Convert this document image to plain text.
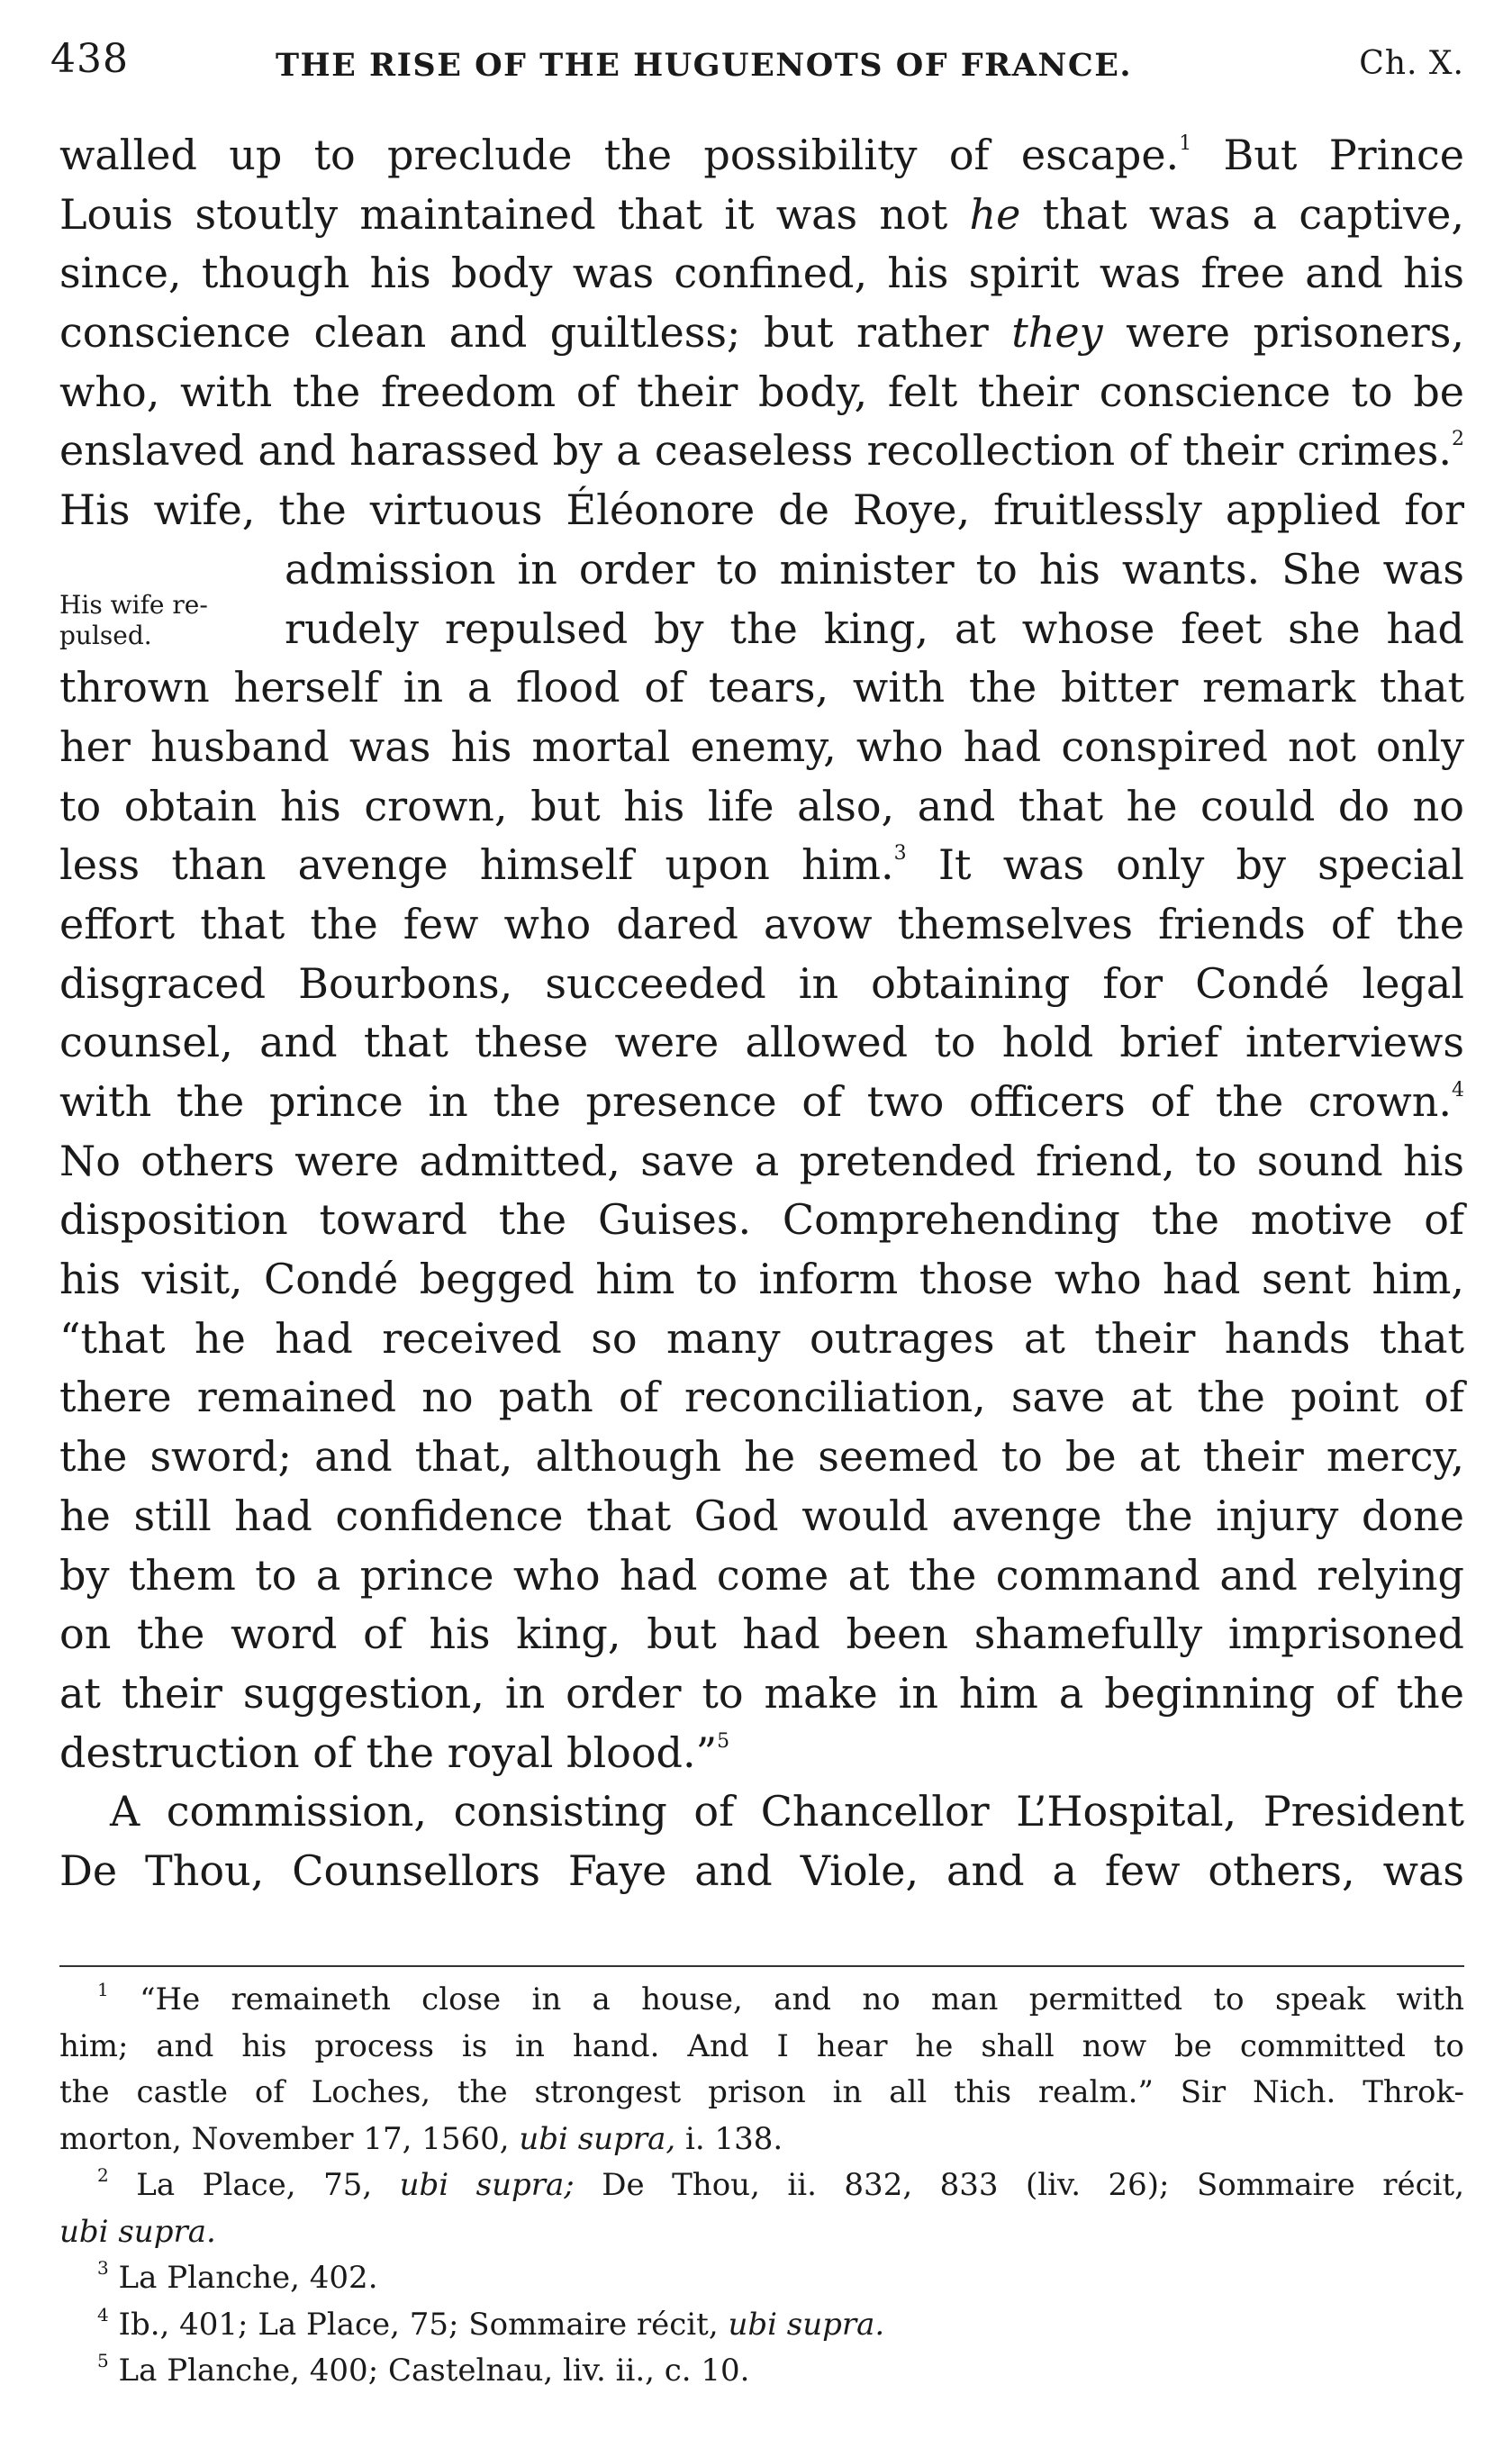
438	THE RISE OF THE HUGUENOTS OF FRANCE.	Ch. X.
His wife re-
pulsed.
walled up to preclude the possibility of escape.$^1$ But Prince
Louis stoutly maintained that it was not he that was a captive,
since, though his body was confined, his spirit was free and his
conscience clean and guiltless; but rather they were prisoners,
who, with the freedom of their body, felt their conscience to be
enslaved and harassed by a ceaseless recollection of their crimes.$^2$
His wife, the virtuous Éléonore de Roye, fruitlessly applied for
admission in order to minister to his wants. She was
rudely repulsed by the king, at whose feet she had
thrown herself in a flood of tears, with the bitter remark that
her husband was his mortal enemy, who had conspired not only
to obtain his crown, but his life also, and that he could do no
less than avenge himself upon him.$^3$ It was only by special
effort that the few who dared avow themselves friends of the
disgraced Bourbons, succeeded in obtaining for Condé legal
counsel, and that these were allowed to hold brief interviews
with the prince in the presence of two officers of the crown.$^4$
No others were admitted, save a pretended friend, to sound his
disposition toward the Guises. Comprehending the motive of
his visit, Condé begged him to inform those who had sent him,
“that he had received so many outrages at their hands that
there remained no path of reconciliation, save at the point of
the sword; and that, although he seemed to be at their mercy,
he still had confidence that God would avenge the injury done
by them to a prince who had come at the command and relying
on the word of his king, but had been shamefully imprisoned
at their suggestion, in order to make in him a beginning of the
destruction of the royal blood.”$^5$
A commission, consisting of Chancellor L’Hospital, President
De Thou, Counsellors Faye and Viole, and a few others, was
$^1$ “He remaineth close in a house, and no man permitted to speak with
him; and his process is in hand. And I hear he shall now be committed to
the castle of Loches, the strongest prison in all this realm.” Sir Nich. Throk-
morton, November 17, 1560, ubi supra, i. 138.
$^2$ La Place, 75, ubi supra; De Thou, ii. 832, 833 (liv. 26); Sommaire récit,
ubi supra.
$^3$ La Planche, 402.
$^4$ Ib., 401; La Place, 75; Sommaire récit, ubi supra.
$^5$ La Planche, 400; Castelnau, liv. ii., c. 10.
